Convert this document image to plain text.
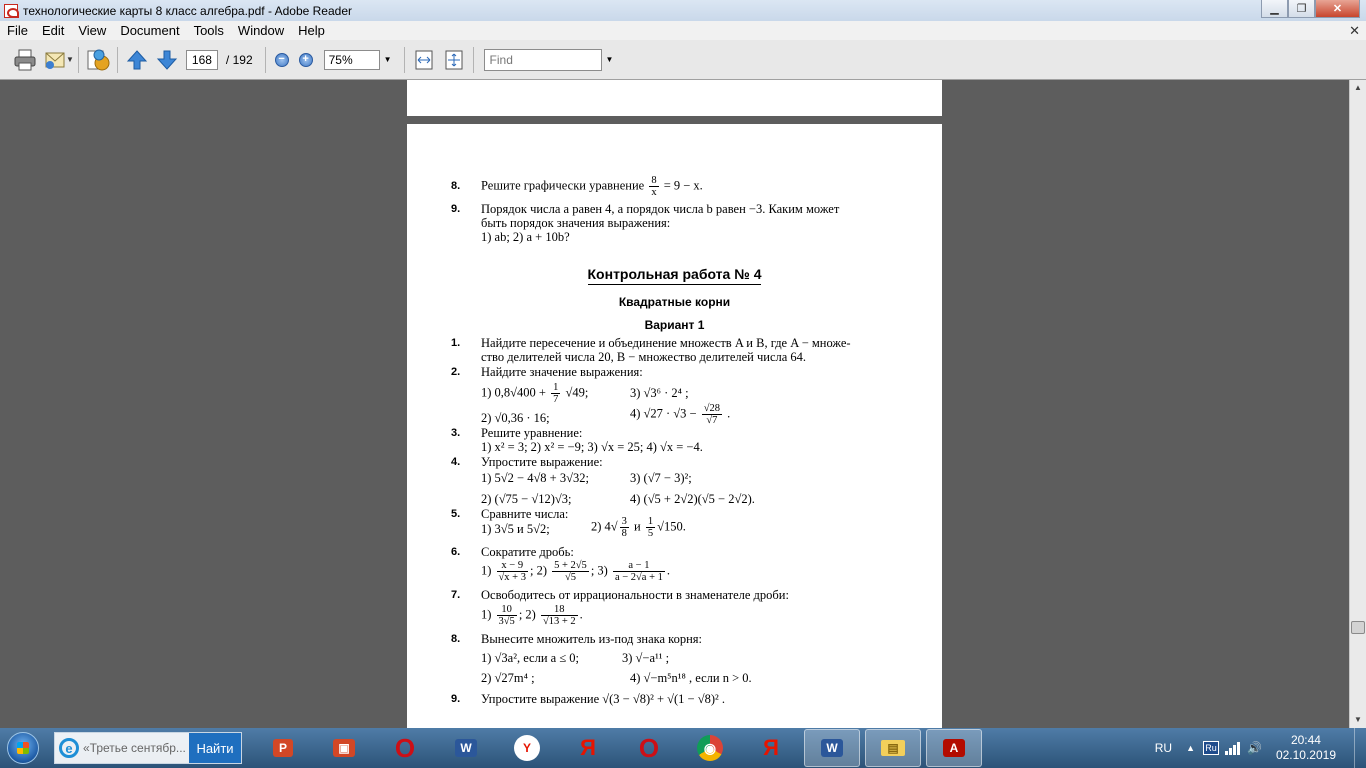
технологические карты 8 класс алгебра.pdf - Adobe Reader	▁	❐	✕
File	Edit	View	Document	Tools	Window	Help	✕
▼	168	/ 192	−	+	75%	▼	Find	▼
8. Решите графически уравнение $\frac{8}{x} = 9 - x$.
9. Порядок числа a равен 4, а порядок числа b равен −3. Каким может
быть порядок значения выражения:
1) ab; 2) a + 10b?
Контрольная работа № 4
Квадратные корни
Вариант 1
1. Найдите пересечение и объединение множеств A и B, где A − множе-
ство делителей числа 20, B − множество делителей числа 64.
2. Найдите значение выражения:
1) $0,8√400 + \frac{1}{7} √49$;	3) √3⁶ · 2⁴ ;
2) √0,36 · 16;	4) $√27 \cdot √3 - \frac{√28}{√7}$ .
3. Решите уравнение:
1) x² = 3; 2) x² = −9; 3) √x = 25; 4) √x = −4.
4. Упростите выражение:
1) 5√2 − 4√8 + 3√32;	3) (√7 − 3)²;
2) (√75 − √12)√3;	4) (√5 + 2√2)(√5 − 2√2).
5. Сравните числа:
1) 3√5 и 5√2;	2) $4√ \frac{3}{8}$ и $\frac{1}{5} √150$.
6. Сократите дробь:
$1) \frac{x - 9}{√x + 3}$ ; $2) \frac{5 + 2√5}{√5}$ ; $3) \frac{a - 1}{a - 2√a + 1}$ .
7. Освободитесь от иррациональности в знаменателе дроби:
$1) \frac{10}{3√5}$ ; $2) \frac{18}{√13 + 2}$ .
8. Вынесите множитель из-под знака корня:
1) √3a², если a ≤ 0;	3) √−a¹¹ ;
2) √27m⁴ ;	4) √−m⁵n¹⁸ , если n > 0.
9. Упростите выражение √(3 − √8)² + √(1 − √8)² .
▲
▼
e «Третье сентябр... Найти	P	▣ O	W	Y	Я O	◉	Я	W	▤	A	RU ▲ Ru	🔊
20:44
02.10.2019
